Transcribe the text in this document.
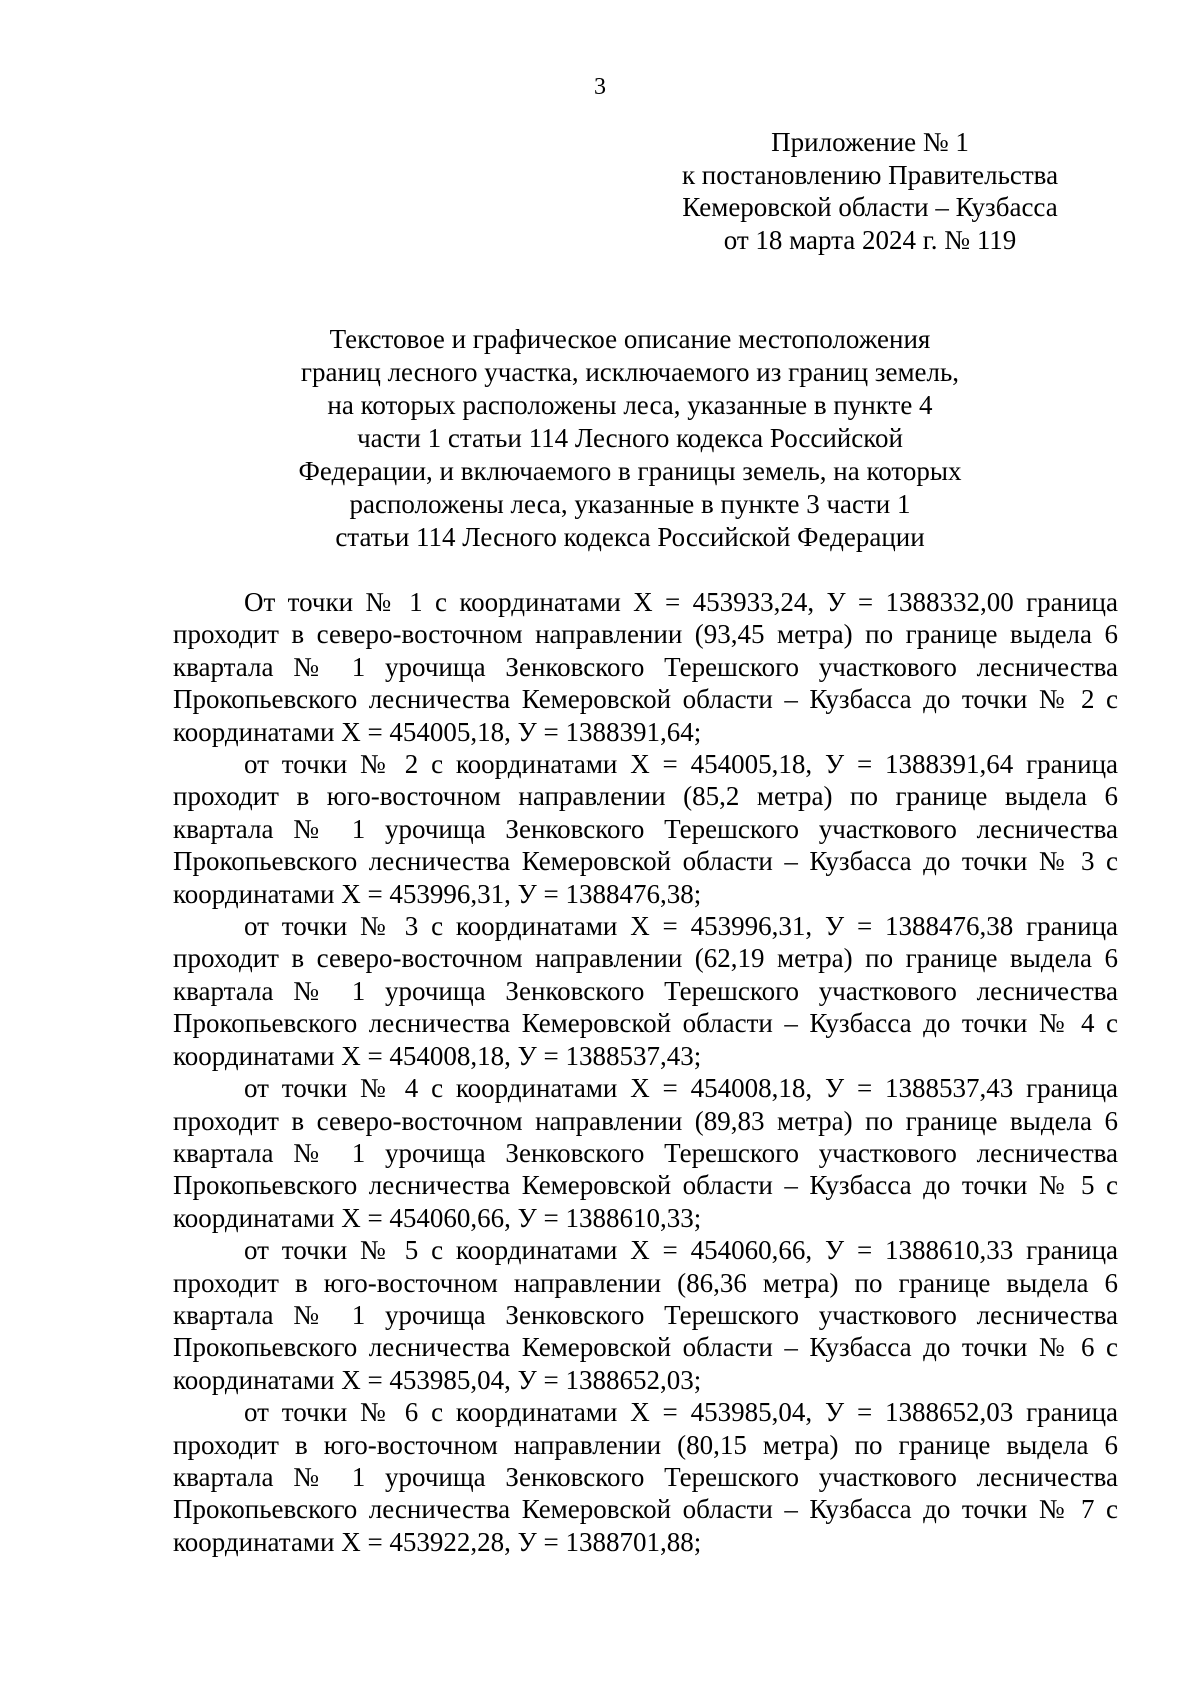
3
Приложение № 1
к постановлению Правительства
Кемеровской области – Кузбасса
от 18 марта 2024 г. № 119
Текстовое и графическое описание местоположения
границ лесного участка, исключаемого из границ земель,
на которых расположены леса, указанные в пункте 4
части 1 статьи 114 Лесного кодекса Российской
Федерации, и включаемого в границы земель, на которых
расположены леса, указанные в пункте 3 части 1
статьи 114 Лесного кодекса Российской Федерации
От точки № 1 с координатами Х = 453933,24, У = 1388332,00 граница
проходит в северо-восточном направлении (93,45 метра) по границе выдела 6
квартала № 1 урочища Зенковского Терешского участкового лесничества
Прокопьевского лесничества Кемеровской области – Кузбасса до точки № 2 с
координатами Х = 454005,18, У = 1388391,64;
от точки № 2 с координатами Х = 454005,18, У = 1388391,64 граница
проходит в юго-восточном направлении (85,2 метра) по границе выдела 6
квартала № 1 урочища Зенковского Терешского участкового лесничества
Прокопьевского лесничества Кемеровской области – Кузбасса до точки № 3 с
координатами Х = 453996,31, У = 1388476,38;
от точки № 3 с координатами Х = 453996,31, У = 1388476,38 граница
проходит в северо-восточном направлении (62,19 метра) по границе выдела 6
квартала № 1 урочища Зенковского Терешского участкового лесничества
Прокопьевского лесничества Кемеровской области – Кузбасса до точки № 4 с
координатами Х = 454008,18, У = 1388537,43;
от точки № 4 с координатами Х = 454008,18, У = 1388537,43 граница
проходит в северо-восточном направлении (89,83 метра) по границе выдела 6
квартала № 1 урочища Зенковского Терешского участкового лесничества
Прокопьевского лесничества Кемеровской области – Кузбасса до точки № 5 с
координатами Х = 454060,66, У = 1388610,33;
от точки № 5 с координатами Х = 454060,66, У = 1388610,33 граница
проходит в юго-восточном направлении (86,36 метра) по границе выдела 6
квартала № 1 урочища Зенковского Терешского участкового лесничества
Прокопьевского лесничества Кемеровской области – Кузбасса до точки № 6 с
координатами Х = 453985,04, У = 1388652,03;
от точки № 6 с координатами Х = 453985,04, У = 1388652,03 граница
проходит в юго-восточном направлении (80,15 метра) по границе выдела 6
квартала № 1 урочища Зенковского Терешского участкового лесничества
Прокопьевского лесничества Кемеровской области – Кузбасса до точки № 7 с
координатами Х = 453922,28, У = 1388701,88;
